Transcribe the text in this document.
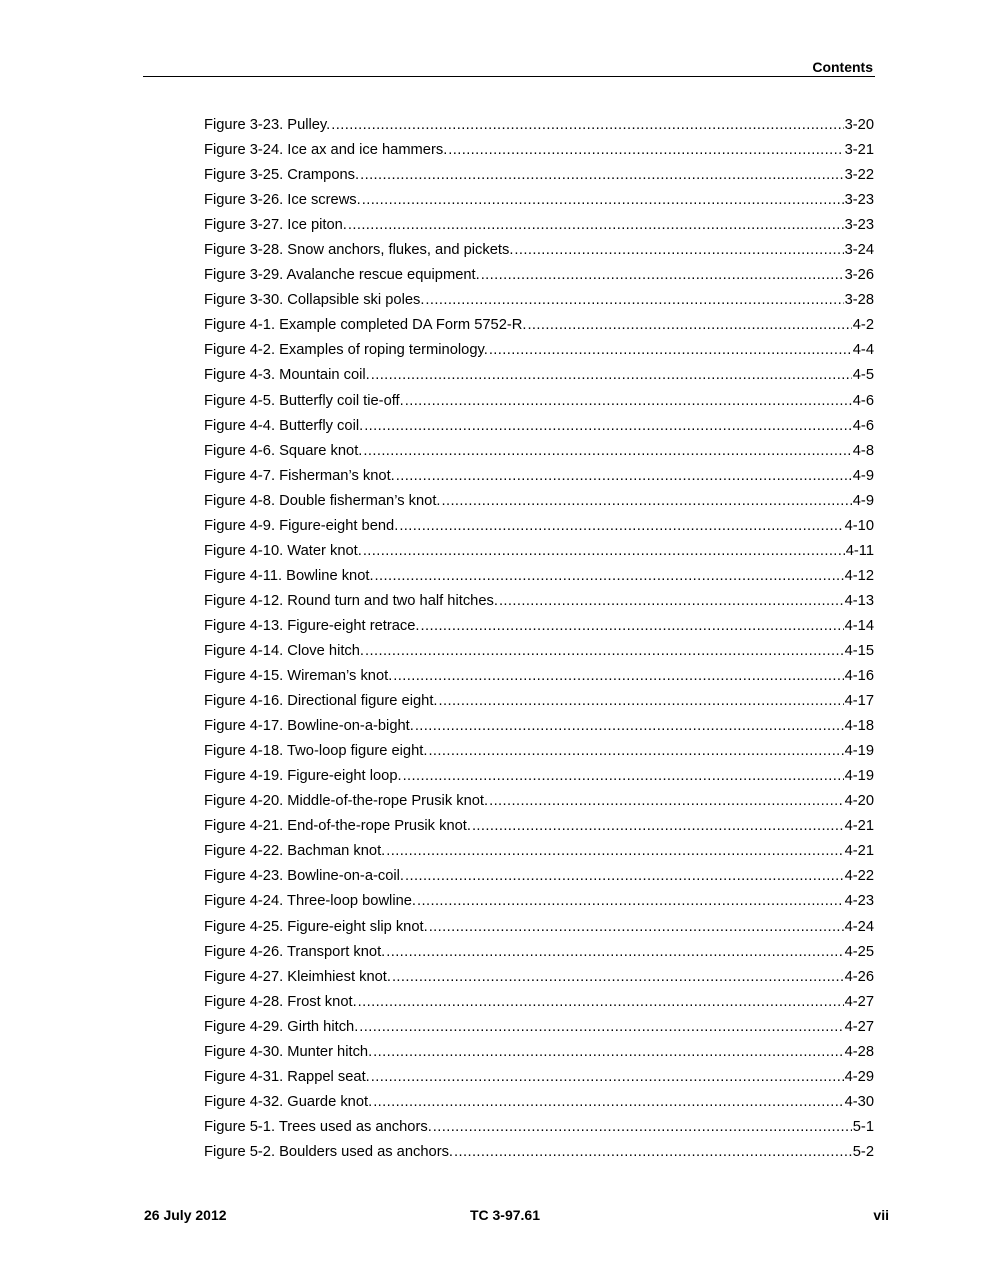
Contents
Figure 3-23. Pulley. .....	3-20
Figure 3-24. Ice ax and ice hammers. .....	3-21
Figure 3-25. Crampons. .....	3-22
Figure 3-26. Ice screws. .....	3-23
Figure 3-27. Ice piton. .....	3-23
Figure 3-28. Snow anchors, flukes, and pickets. .....	3-24
Figure 3-29. Avalanche rescue equipment. .....	3-26
Figure 3-30. Collapsible ski poles. .....	3-28
Figure 4-1. Example completed DA Form 5752-R. .....	4-2
Figure 4-2. Examples of roping terminology. .....	4-4
Figure 4-3. Mountain coil. .....	4-5
Figure 4-5. Butterfly coil tie-off. .....	4-6
Figure 4-4. Butterfly coil. .....	4-6
Figure 4-6. Square knot. .....	4-8
Figure 4-7. Fisherman’s knot. .....	4-9
Figure 4-8. Double fisherman’s knot. .....	4-9
Figure 4-9. Figure-eight bend. .....	4-10
Figure 4-10. Water knot. .....	4-11
Figure 4-11. Bowline knot. .....	4-12
Figure 4-12. Round turn and two half hitches. .....	4-13
Figure 4-13. Figure-eight retrace. .....	4-14
Figure 4-14. Clove hitch. .....	4-15
Figure 4-15. Wireman’s knot. .....	4-16
Figure 4-16. Directional figure eight. .....	4-17
Figure 4-17. Bowline-on-a-bight. .....	4-18
Figure 4-18. Two-loop figure eight. .....	4-19
Figure 4-19. Figure-eight loop. .....	4-19
Figure 4-20. Middle-of-the-rope Prusik knot. .....	4-20
Figure 4-21. End-of-the-rope Prusik knot. .....	4-21
Figure 4-22. Bachman knot. .....	4-21
Figure 4-23. Bowline-on-a-coil. .....	4-22
Figure 4-24. Three-loop bowline. .....	4-23
Figure 4-25. Figure-eight slip knot. .....	4-24
Figure 4-26. Transport knot. .....	4-25
Figure 4-27. Kleimhiest knot. .....	4-26
Figure 4-28. Frost knot. .....	4-27
Figure 4-29. Girth hitch. .....	4-27
Figure 4-30. Munter hitch. .....	4-28
Figure 4-31. Rappel seat. .....	4-29
Figure 4-32. Guarde knot. .....	4-30
Figure 5-1. Trees used as anchors. .....	5-1
Figure 5-2. Boulders used as anchors. .....	5-2
26 July 2012	TC 3-97.61	vii
